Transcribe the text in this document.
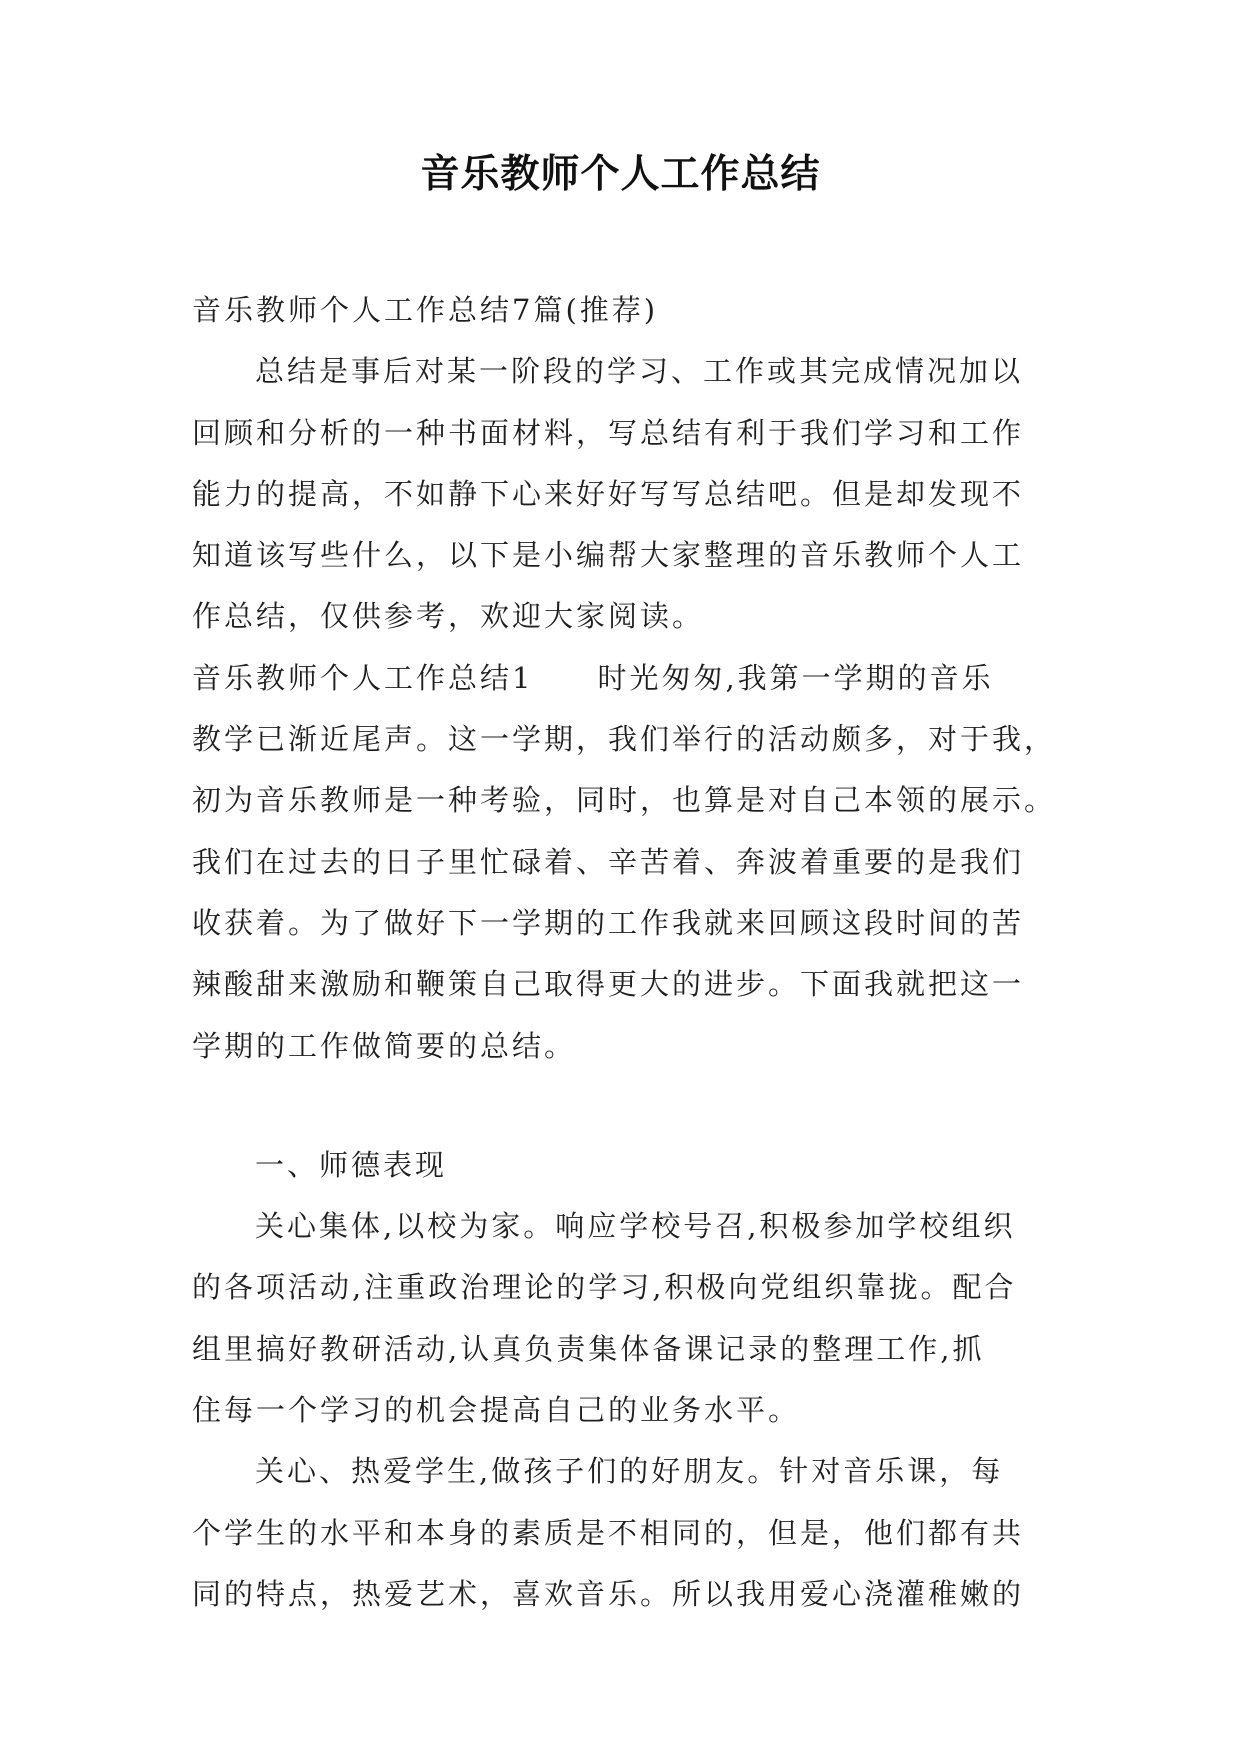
音乐教师个人工作总结
音乐教师个人工作总结7篇(推荐)
总结是事后对某一阶段的学习、工作或其完成情况加以
回顾和分析的一种书面材料，写总结有利于我们学习和工作
能力的提高，不如静下心来好好写写总结吧。但是却发现不
知道该写些什么，以下是小编帮大家整理的音乐教师个人工
作总结，仅供参考，欢迎大家阅读。
音乐教师个人工作总结1　　时光匆匆,我第一学期的音乐
教学已渐近尾声。这一学期，我们举行的活动颇多，对于我，
初为音乐教师是一种考验，同时，也算是对自己本领的展示。
我们在过去的日子里忙碌着、辛苦着、奔波着重要的是我们
收获着。为了做好下一学期的工作我就来回顾这段时间的苦
辣酸甜来激励和鞭策自己取得更大的进步。下面我就把这一
学期的工作做简要的总结。
一、师德表现
关心集体,以校为家。响应学校号召,积极参加学校组织
的各项活动,注重政治理论的学习,积极向党组织靠拢。配合
组里搞好教研活动,认真负责集体备课记录的整理工作,抓
住每一个学习的机会提高自己的业务水平。
关心、热爱学生,做孩子们的好朋友。针对音乐课，每
个学生的水平和本身的素质是不相同的，但是，他们都有共
同的特点，热爱艺术，喜欢音乐。所以我用爱心浇灌稚嫩的
